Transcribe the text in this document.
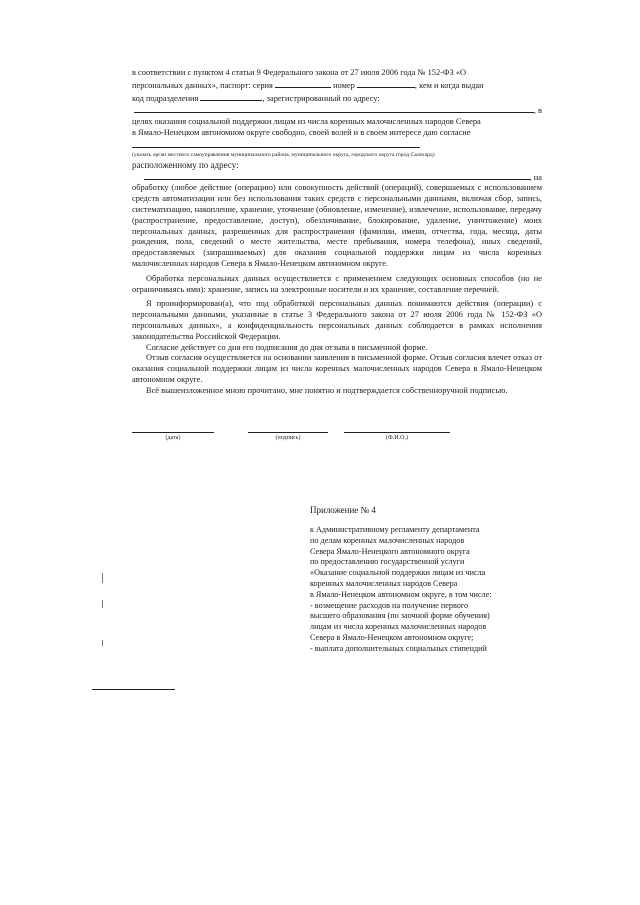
в соответствии с пунктом 4 статьи 9 Федерального закона от 27 июля 2006 года № 152-ФЗ «О
персональных данных», паспорт: серия	номер	, кем и когда выдан
код подразделения	, зарегистрированный по адресу:
, в
целях оказания социальной поддержки лицам из числа коренных малочисленных народов Севера
в Ямало-Ненецком автономном округе свободно, своей волей и в своем интересе даю согласие
(указать орган местного самоуправления муниципального района, муниципального округа, городского округа город Салехард)
расположенному по адресу:
, на

обработку (любое действие (операцию) или совокупность действий (операций), совершаемых с использованием средств автоматизации или без использования таких средств с персональными данными, включая сбор, запись, систематизацию, накопление, хранение, уточнение (обновление, изменение), извлечение, использование, передачу (распространение, предоставление, доступ), обезличивание, блокирование, удаление, уничтожение) моих персональных данных, разрешенных для распространения (фамилии, имени, отчества, года, месяца, даты рождения, пола, сведений о месте жительства, месте пребывания, номера телефона), иных сведений, предоставляемых (запрашиваемых) для оказания социальной поддержки лицам из числа коренных малочисленных народов Севера в Ямало-Ненецком автономном округе.

Обработка персональных данных осуществляется с применением следующих основных способов (но не ограничиваясь ими): хранение, запись на электронные носители и их хранение, составление перечней.

Я проинформирован(а), что под обработкой персональных данных понимаются действия (операции) с персональными данными, указанные в статье 3 Федерального закона от 27 июля 2006 года № 152-ФЗ «О персональных данных», а конфиденциальность персональных данных соблюдается в рамках исполнения законодательства Российской Федерации.

Согласие действует со дня его подписания до дня отзыва в письменной форме.

Отзыв согласия осуществляется на основании заявления в письменной форме. Отзыв согласия влечет отказ от оказания социальной поддержки лицам из числа коренных малочисленных народов Севера в Ямало-Ненецком автономном округе.

Всё вышеизложенное мною прочитано, мне понятно и подтверждается собственноручной подписью.

(дата)	(подпись)	(Ф.И.О.)
Приложение № 4
к Административному регламенту департамента
по делам коренных малочисленных народов
Севера Ямало-Ненецкого автономного округа
по предоставлению государственной услуги
«Оказание социальной поддержки лицам из числа
коренных малочисленных народов Севера
в Ямало-Ненецком автономном округе, в том числе:
- возмещение расходов на получение первого
высшего образования (по заочной форме обучения)
лицам из числа коренных малочисленных народов
Севера в Ямало-Ненецком автономном округе;
- выплата дополнительных социальных стипендий
